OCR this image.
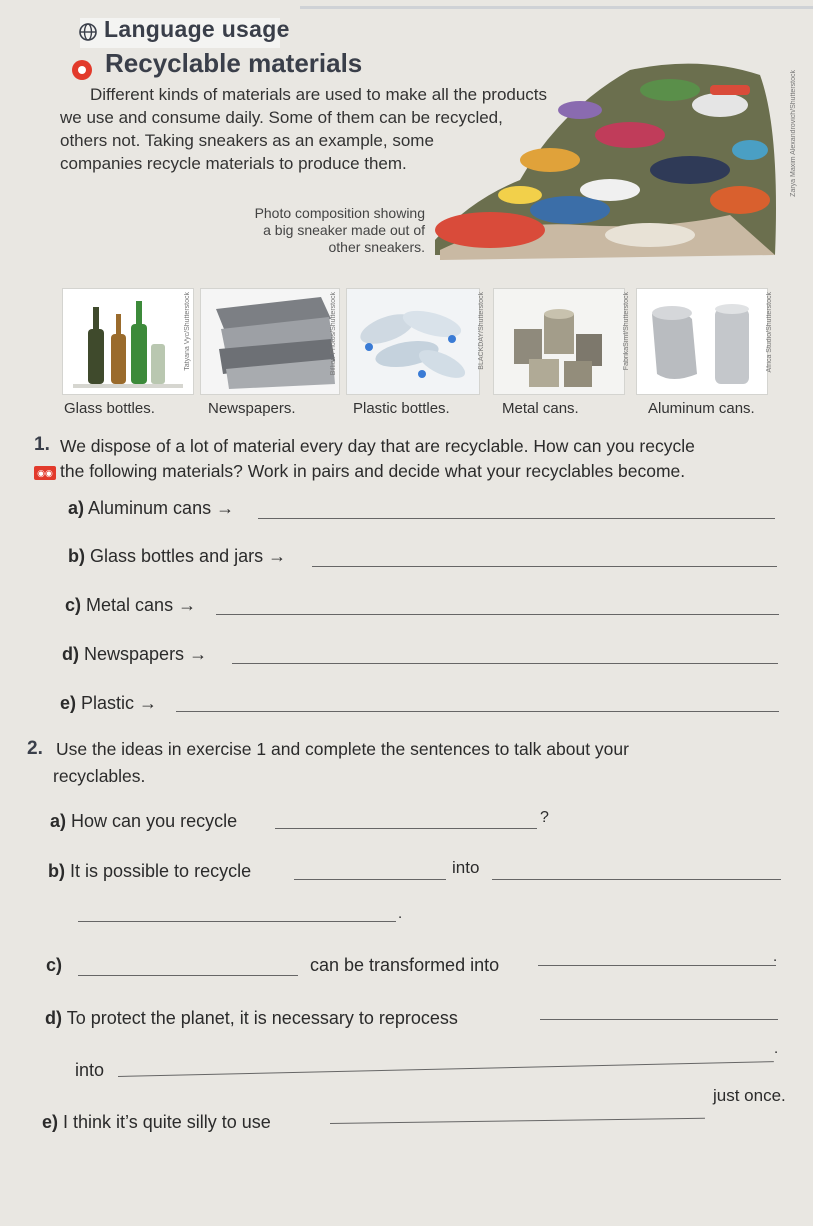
Language usage
Recyclable materials
Different kinds of materials are used to make all the products
we use and consume daily. Some of them can be recycled,
others not. Taking sneakers as an example, some
companies recycle materials to produce them.
Photo composition showing
a big sneaker made out of
other sneakers.
Zarya Maxim Alexandrovich/Shutterstock
Tatyana Vyc/Shutterstock	Billion Photos/Shutterstock	BLACKDAY/Shutterstock	FabrikaSimf/Shutterstock	Africa Studio/Shutterstock
Glass bottles.	Newspapers.	Plastic bottles.	Metal cans.	Aluminum cans.
1. We dispose of a lot of material every day that are recyclable. How can you recycle
◉◉ the following materials? Work in pairs and decide what your recyclables become.
a) Aluminum cans →
b) Glass bottles and jars →
c) Metal cans →
d) Newspapers →
e) Plastic →
2. Use the ideas in exercise 1 and complete the sentences to talk about your
recyclables.
a) How can you recycle	?
b) It is possible to recycle	into
.
c)	can be transformed into	.
d) To protect the planet, it is necessary to reprocess
into
.
e) I think it’s quite silly to use
just once.
